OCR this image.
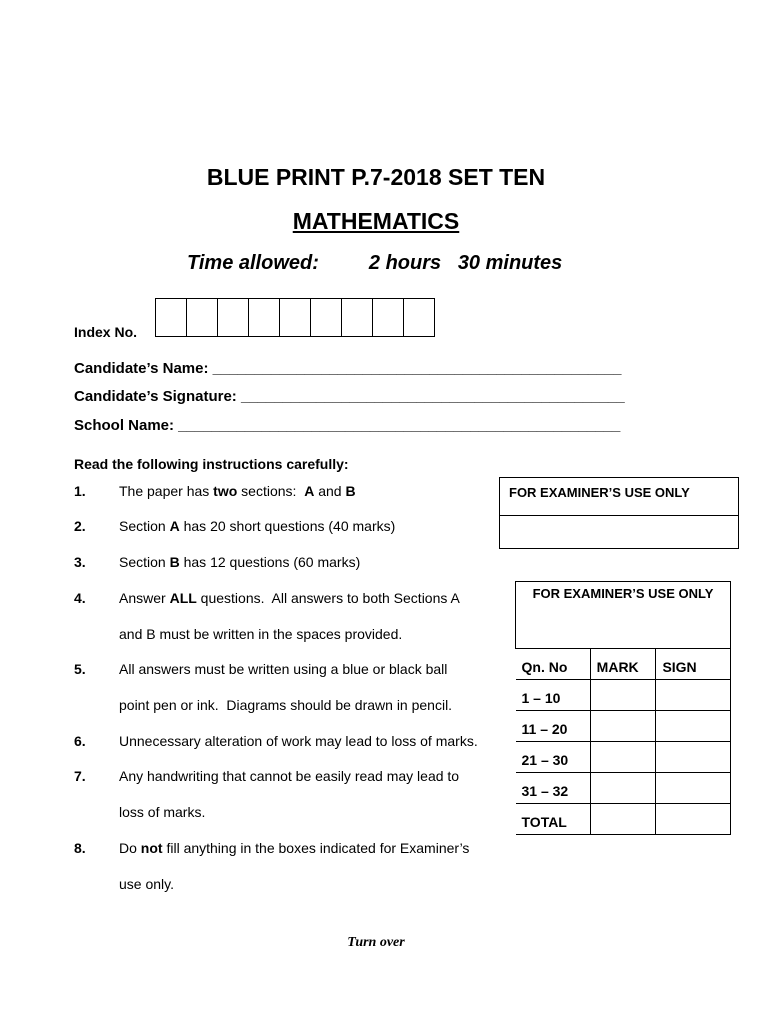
BLUE PRINT P.7-2018 SET TEN
MATHEMATICS
Time allowed:	2 hours   30 minutes
Index No.
Candidate’s Name: _________________________________________________
Candidate’s Signature: ______________________________________________
School Name: _____________________________________________________
Read the following instructions carefully:
1. The paper has two sections:  A and B
2. Section A has 20 short questions (40 marks)
3. Section B has 12 questions (60 marks)
4. Answer ALL questions.  All answers to both Sections A
and B must be written in the spaces provided.
5. All answers must be written using a blue or black ball
point pen or ink.  Diagrams should be drawn in pencil.
6. Unnecessary alteration of work may lead to loss of marks.
7. Any handwriting that cannot be easily read may lead to
loss of marks.
8. Do not fill anything in the boxes indicated for Examiner’s
use only.
FOR EXAMINER’S USE ONLY
FOR EXAMINER’S USE ONLY		
Qn. No	MARK	SIGN
1 – 10		
11 – 20		
21 – 30		
31 – 32		
TOTAL		
Turn over
